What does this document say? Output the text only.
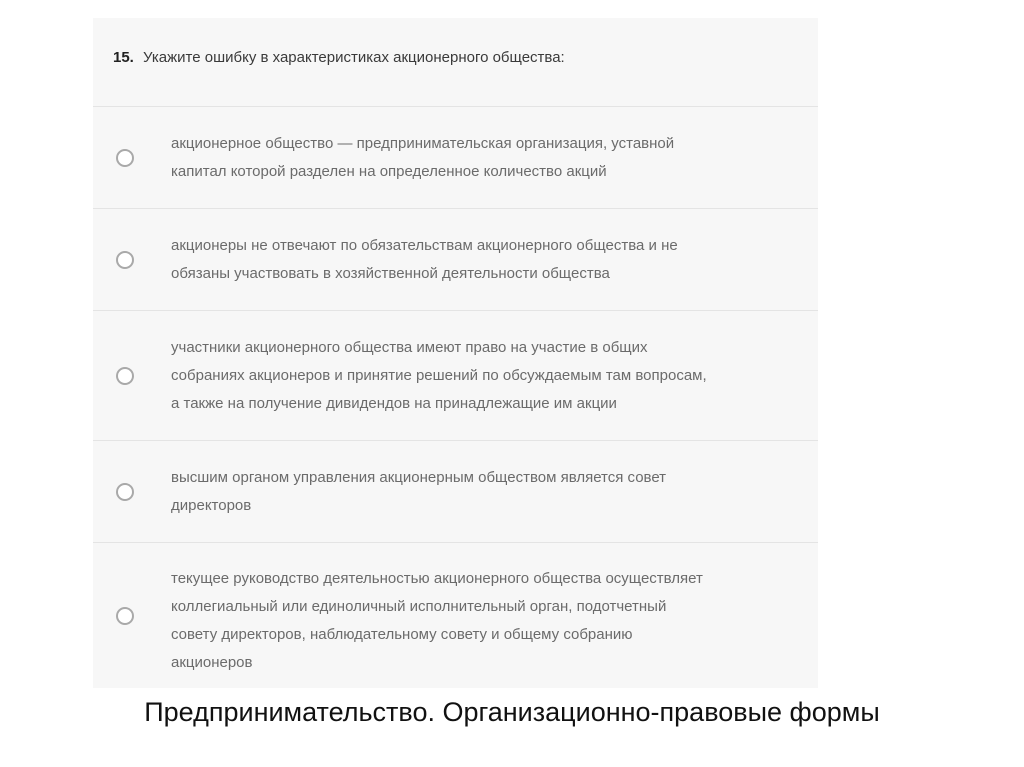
15. Укажите ошибку в характеристиках акционерного общества:
акционерное общество — предпринимательская организация, уставной
капитал которой разделен на определенное количество акций
акционеры не отвечают по обязательствам акционерного общества и не
обязаны участвовать в хозяйственной деятельности общества
участники акционерного общества имеют право на участие в общих
собраниях акционеров и принятие решений по обсуждаемым там вопросам,
а также на получение дивидендов на принадлежащие им акции
высшим органом управления акционерным обществом является совет
директоров
текущее руководство деятельностью акционерного общества осуществляет
коллегиальный или единоличный исполнительный орган, подотчетный
совету директоров, наблюдательному совету и общему собранию
акционеров
Предпринимательство. Организационно-правовые формы
